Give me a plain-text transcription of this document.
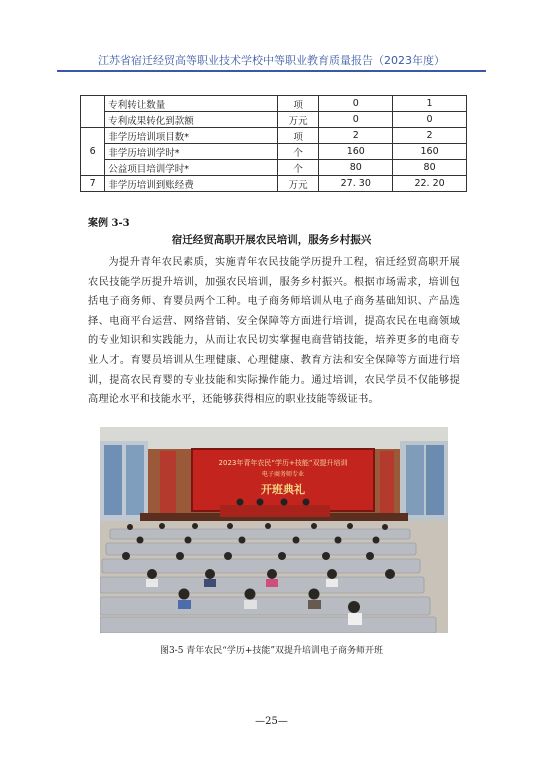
江苏省宿迁经贸高等职业技术学校中等职业教育质量报告（2023年度）
	专利转让数量	项	0	1
	专利成果转化到款额	万元	0	0
6	非学历培训项目数*	项	2	2
	非学历培训学时*	个	160	160
	公益项目培训学时*	个	80	80
7	非学历培训到账经费	万元	27. 30	22. 20
案例 3-3
宿迁经贸高职开展农民培训，服务乡村振兴
为提升青年农民素质，实施青年农民技能学历提升工程，宿迁经贸高职开展农民技能学历提升培训，加强农民培训，服务乡村振兴。根据市场需求，培训包括电子商务师、育婴员两个工种。电子商务师培训从电子商务基础知识、产品选择、电商平台运营、网络营销、安全保障等方面进行培训，提高农民在电商领域的专业知识和实践能力，从而让农民切实掌握电商营销技能，培养更多的电商专业人才。育婴员培训从生理健康、心理健康、教育方法和安全保障等方面进行培训，提高农民育婴的专业技能和实际操作能力。通过培训，农民学员不仅能够提高理论水平和技能水平，还能够获得相应的职业技能等级证书。
2023年青年农民“学历+技能”双提升培训
电子商务师专业
开班典礼
图3-5 青年农民“学历+技能”双提升培训电子商务师开班
—25—
